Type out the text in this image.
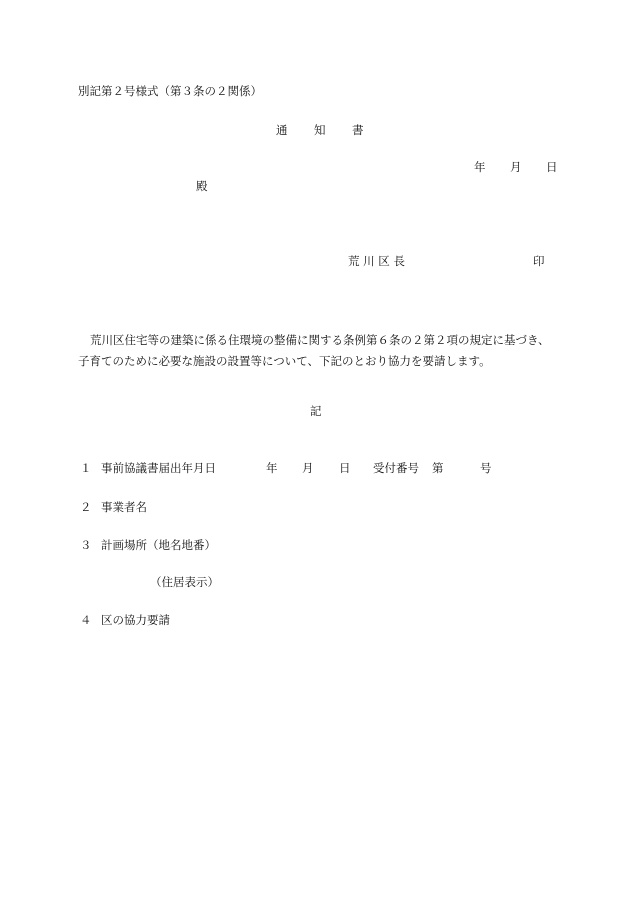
別記第２号様式（第３条の２関係）
通 知 書
年 月 日
殿
荒 川 区 長	印
荒川区住宅等の建築に係る住環境の整備に関する条例第６条の２第２項の規定に基づき、
子育てのために必要な施設の設置等について、下記のとおり協力を要請します。
記
１ 事前協議書届出年月日	年 月 日 受付番号 第	号
２ 事業者名
３ 計画場所（地名地番）
（住居表示）
４ 区の協力要請
